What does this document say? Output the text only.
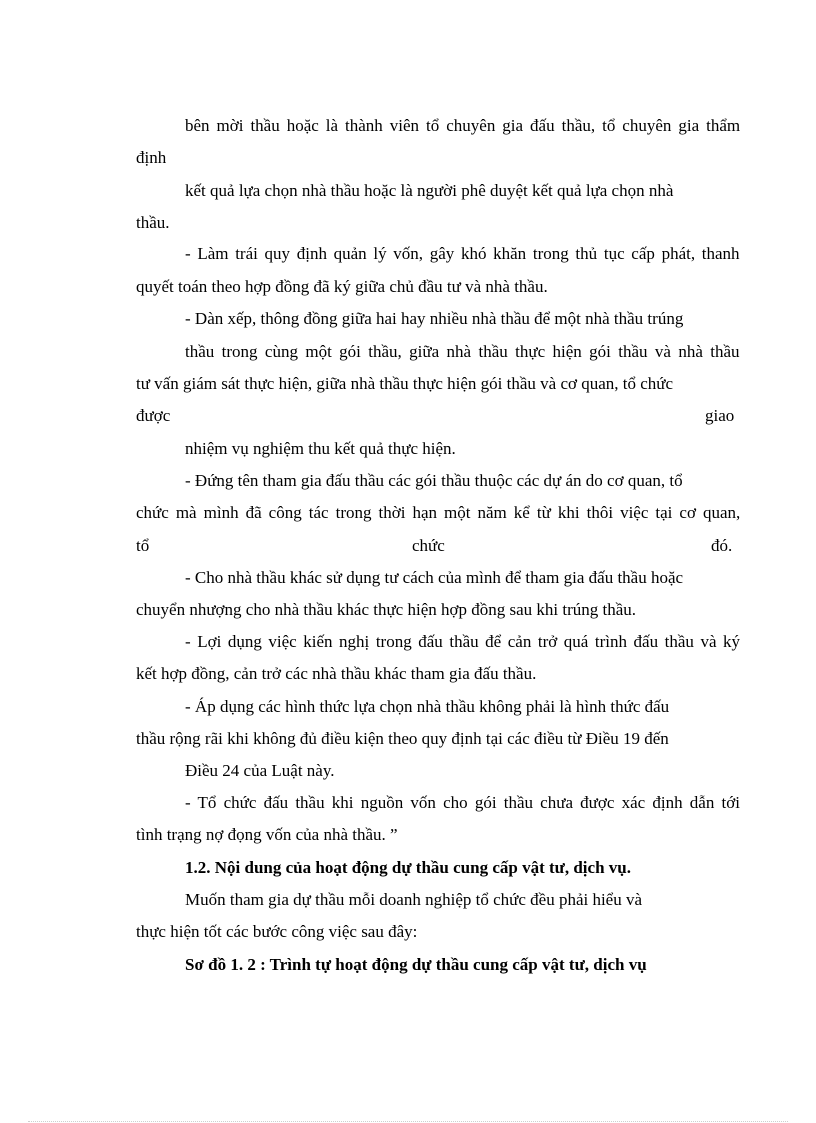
bên mời thầu hoặc là thành viên tổ chuyên gia đấu thầu, tổ chuyên gia thẩm

định

kết quả lựa chọn nhà thầu hoặc là người phê duyệt kết quả lựa chọn nhà

thầu.

- Làm trái quy định quản lý vốn, gây khó khăn trong thủ tục cấp phát, thanh

quyết toán theo hợp đồng đã ký giữa chủ đầu tư và nhà thầu.

- Dàn xếp, thông đồng giữa hai hay nhiều nhà thầu để một nhà thầu trúng

thầu trong cùng một gói thầu, giữa nhà thầu thực hiện gói thầu và nhà thầu

tư vấn giám sát thực hiện, giữa nhà thầu thực hiện gói thầu và cơ quan, tổ chức

được	giao

nhiệm vụ nghiệm thu kết quả thực hiện.

- Đứng tên tham gia đấu thầu các gói thầu thuộc các dự án do cơ quan, tổ

chức mà mình đã công tác trong thời hạn một năm kể từ khi thôi việc tại cơ quan,

tổ	chức	đó.

- Cho nhà thầu khác sử dụng tư cách của mình để tham gia đấu thầu hoặc

chuyển nhượng cho nhà thầu khác thực hiện hợp đồng sau khi trúng thầu.

- Lợi dụng việc kiến nghị trong đấu thầu để cản trở quá trình đấu thầu và ký

kết hợp đồng, cản trở các nhà thầu khác tham gia đấu thầu.

- Áp dụng các hình thức lựa chọn nhà thầu không phải là hình thức đấu

thầu rộng rãi khi không đủ điều kiện theo quy định tại các điều từ Điều 19 đến

Điều 24 của Luật này.

- Tổ chức đấu thầu khi nguồn vốn cho gói thầu chưa được xác định dẫn tới

tình trạng nợ đọng vốn của nhà thầu. ”

1.2. Nội dung của hoạt động dự thầu cung cấp vật tư, dịch vụ.

Muốn tham gia dự thầu mỗi doanh nghiệp tổ chức đều phải hiểu và

thực hiện tốt các bước công việc sau đây:

Sơ đồ 1. 2 : Trình tự hoạt động dự thầu cung cấp vật tư, dịch vụ
